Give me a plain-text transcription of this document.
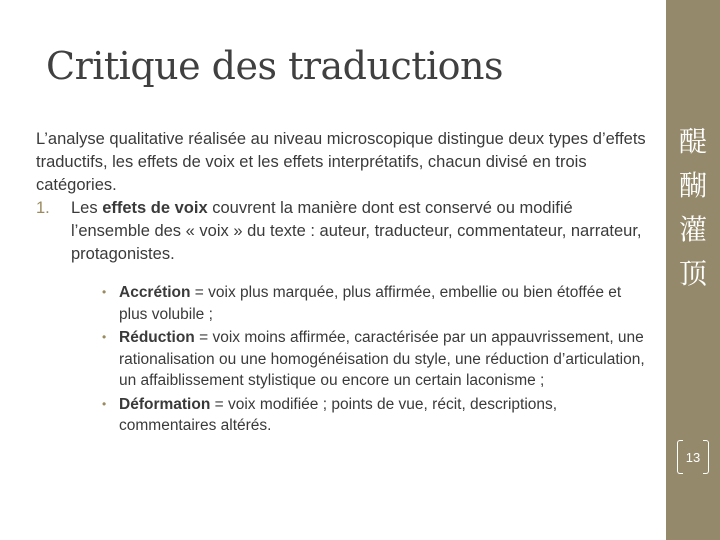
Critique des traductions

L’analyse qualitative réalisée au niveau microscopique distingue deux types d’effets traductifs, les effets de voix et les effets interprétatifs, chacun divisé en trois catégories.

1.	Les effets de voix couvrent la manière dont est conservé ou modifié l’ensemble des « voix » du texte : auteur, traducteur, commentateur, narrateur, protagonistes.
• Accrétion = voix plus marquée, plus affirmée, embellie ou bien étoffée et plus volubile ;
• Réduction = voix moins affirmée, caractérisée par un appauvrissement, une rationalisation ou une homogénéisation du style, une réduction d’articulation, un affaiblissement stylistique ou encore un certain laconisme ;
• Déformation = voix modifiée ; points de vue, récit, descriptions, commentaires altérés.
醍
醐
灌
顶
13
